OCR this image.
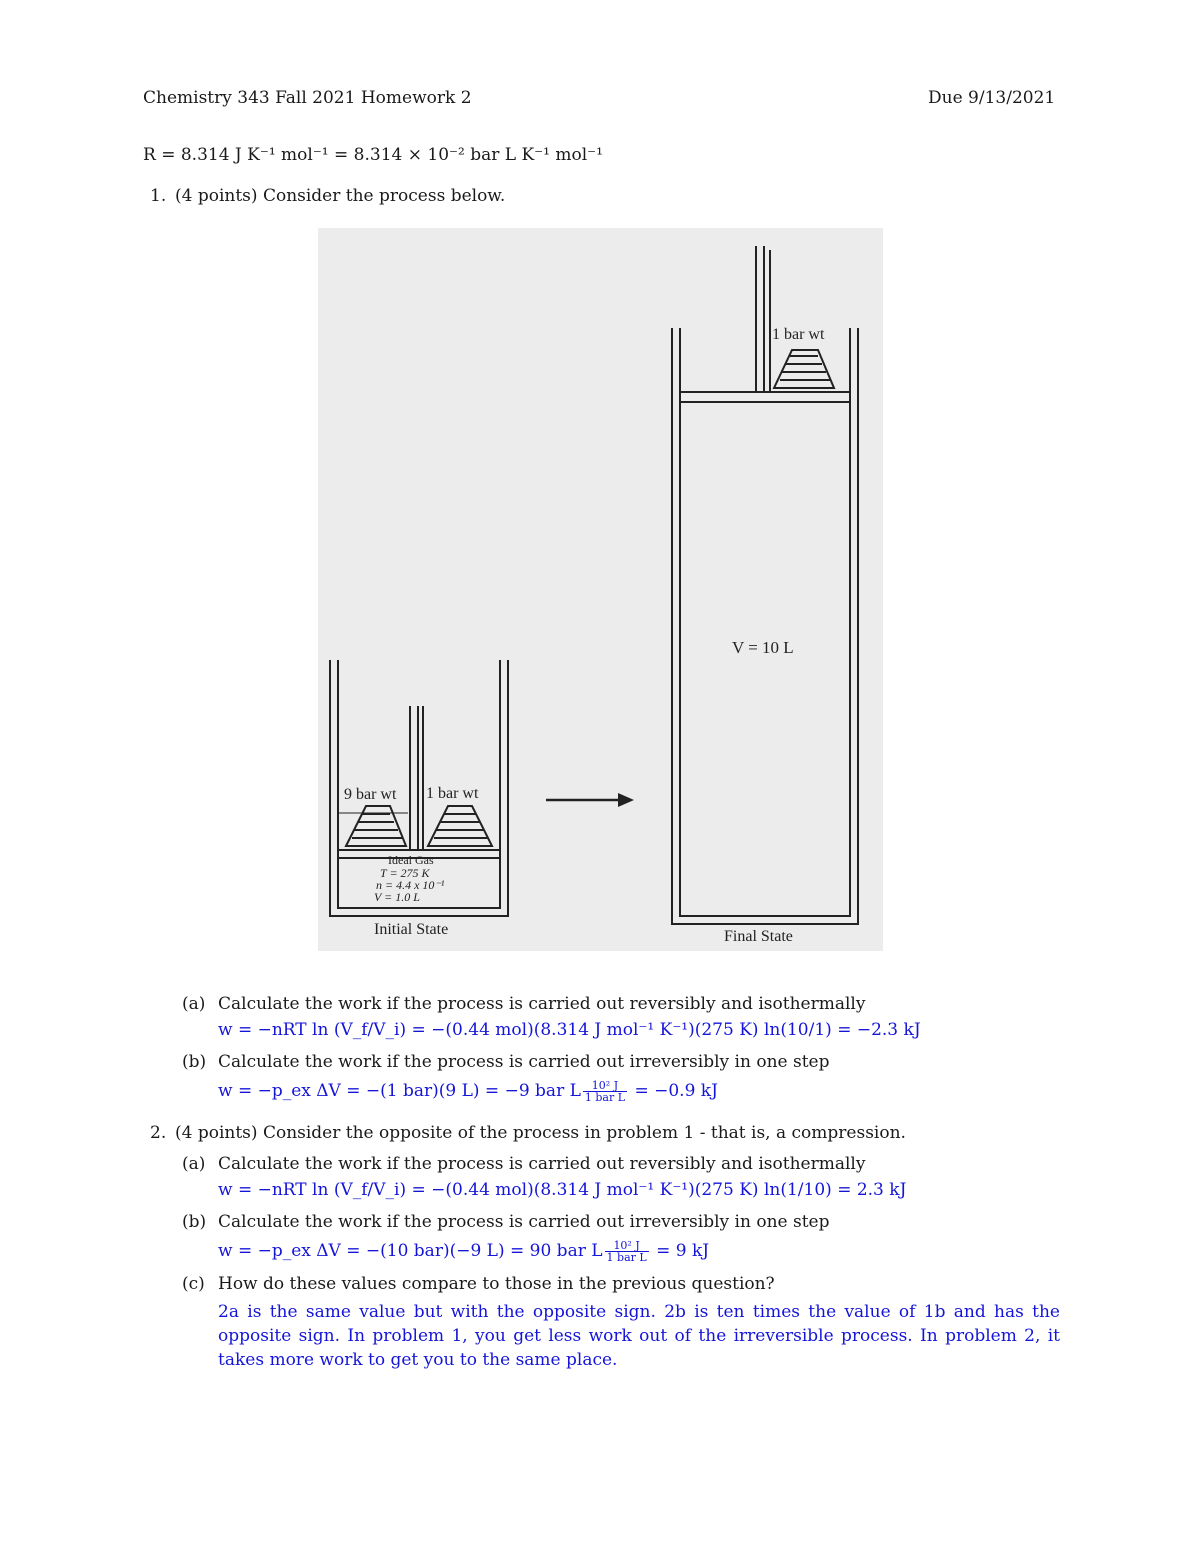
Chemistry 343 Fall 2021 Homework 2	Due 9/13/2021
R = 8.314 J K⁻¹ mol⁻¹ = 8.314 × 10⁻² bar L K⁻¹ mol⁻¹
1. (4 points) Consider the process below.
9 bar wt 1 bar wt
Ideal Gas
T = 275 K
n = 4.4 x 10⁻¹
V = 1.0 L
Initial State
1 bar wt
V = 10 L
Final State
(a) Calculate the work if the process is carried out reversibly and isothermally
w = −nRT ln (V_f/V_i) = −(0.44 mol)(8.314 J mol⁻¹ K⁻¹)(275 K) ln(10/1) = −2.3 kJ
(b) Calculate the work if the process is carried out irreversibly in one step
w = −p_ex ΔV = −(1 bar)(9 L) = −9 bar L $\frac{\text{10² J}}{\text{1 bar L}} = -0.9$ kJ
2. (4 points) Consider the opposite of the process in problem 1 - that is, a compression.
(a) Calculate the work if the process is carried out reversibly and isothermally
w = −nRT ln (V_f/V_i) = −(0.44 mol)(8.314 J mol⁻¹ K⁻¹)(275 K) ln(1/10) = 2.3 kJ
(b) Calculate the work if the process is carried out irreversibly in one step
w = −p_ex ΔV = −(10 bar)(−9 L) = 90 bar L $\frac{\text{10² J}}{\text{1 bar L}} = 9$ kJ
(c) How do these values compare to those in the previous question?
2a is the same value but with the opposite sign. 2b is ten times the value of 1b and has the opposite sign. In problem 1, you get less work out of the irreversible process. In problem 2, it takes more work to get you to the same place.
